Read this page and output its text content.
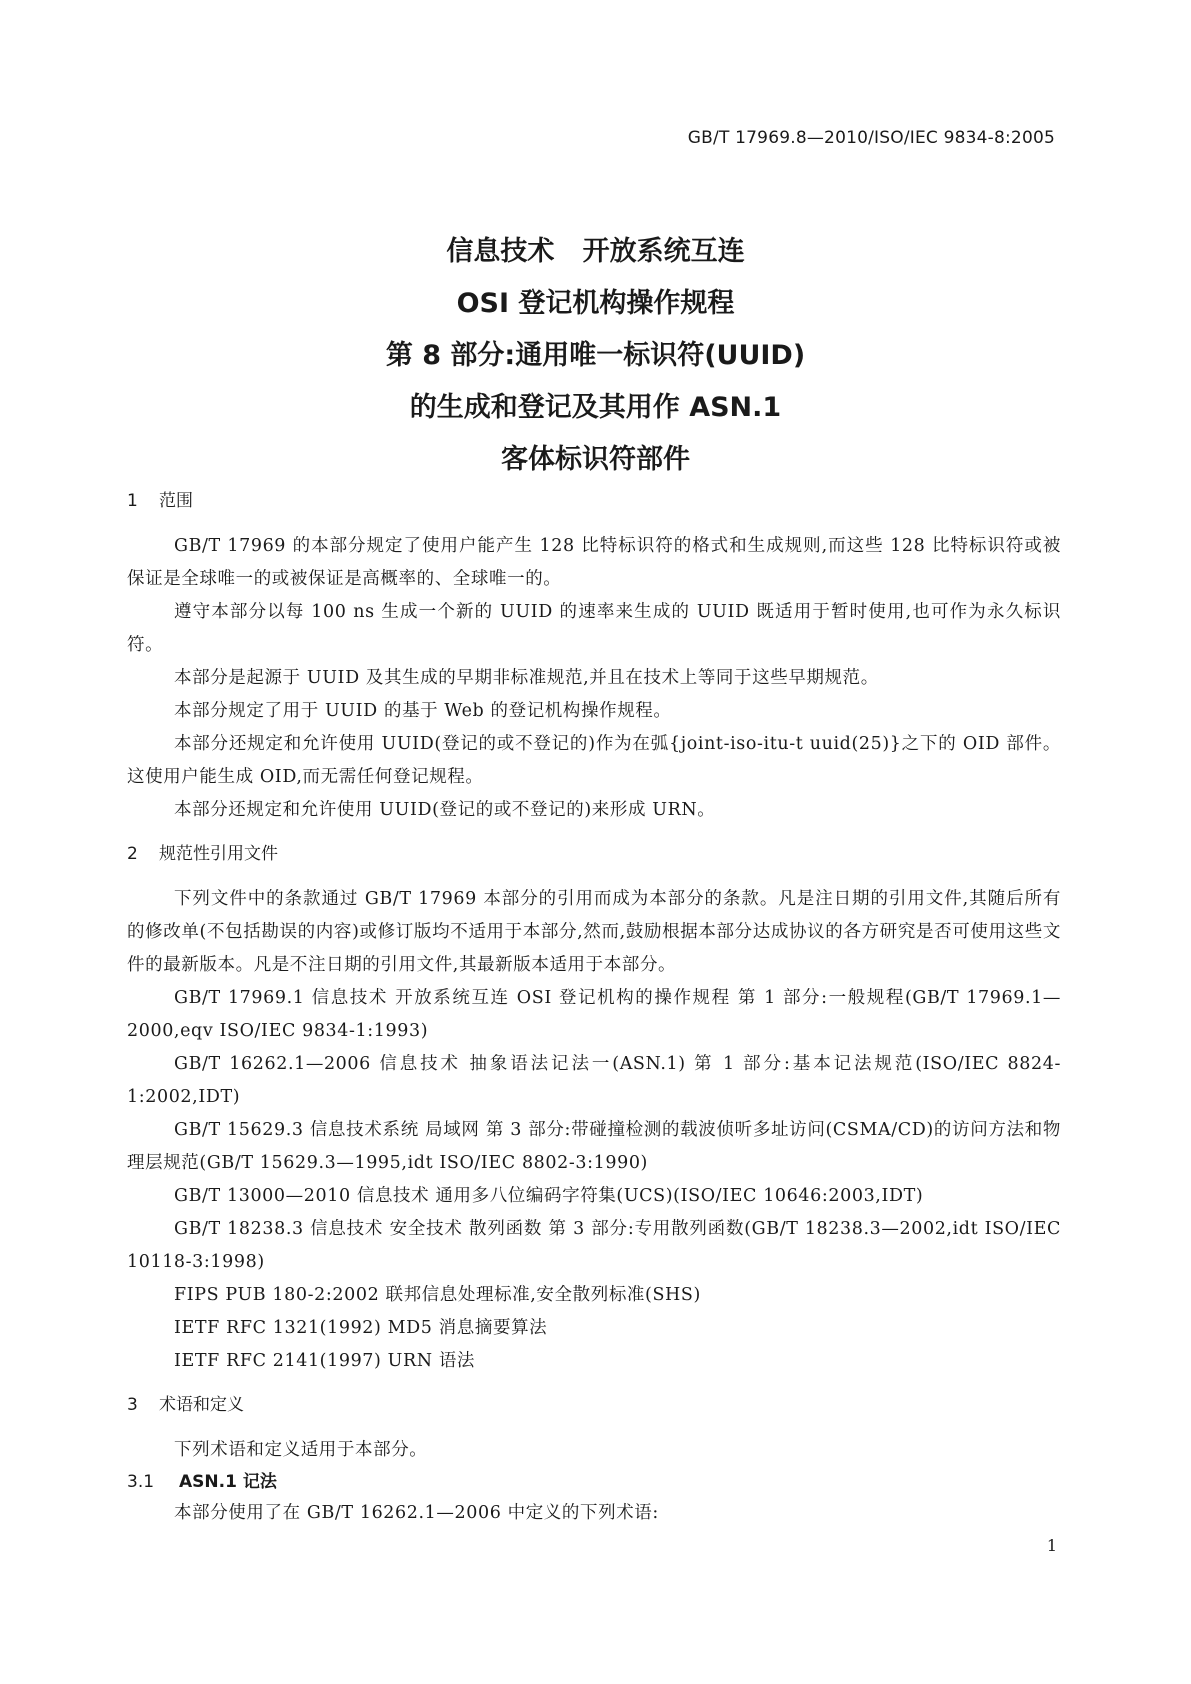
GB/T 17969.8—2010/ISO/IEC 9834-8:2005
信息技术   开放系统互连
OSI 登记机构操作规程
第 8 部分:通用唯一标识符(UUID)
的生成和登记及其用作 ASN.1
客体标识符部件
1 范围

GB/T 17969 的本部分规定了使用户能产生 128 比特标识符的格式和生成规则,而这些 128 比特标识符或被保证是全球唯一的或被保证是高概率的、全球唯一的。

遵守本部分以每 100 ns 生成一个新的 UUID 的速率来生成的 UUID 既适用于暂时使用,也可作为永久标识符。

本部分是起源于 UUID 及其生成的早期非标准规范,并且在技术上等同于这些早期规范。

本部分规定了用于 UUID 的基于 Web 的登记机构操作规程。

本部分还规定和允许使用 UUID(登记的或不登记的)作为在弧{joint-iso-itu-t uuid(25)}之下的 OID 部件。这使用户能生成 OID,而无需任何登记规程。

本部分还规定和允许使用 UUID(登记的或不登记的)来形成 URN。

2 规范性引用文件

下列文件中的条款通过 GB/T 17969 本部分的引用而成为本部分的条款。凡是注日期的引用文件,其随后所有的修改单(不包括勘误的内容)或修订版均不适用于本部分,然而,鼓励根据本部分达成协议的各方研究是否可使用这些文件的最新版本。凡是不注日期的引用文件,其最新版本适用于本部分。

GB/T 17969.1 信息技术 开放系统互连 OSI 登记机构的操作规程 第 1 部分:一般规程(GB/T 17969.1—2000,eqv ISO/IEC 9834-1:1993)

GB/T 16262.1—2006 信息技术 抽象语法记法一(ASN.1) 第 1 部分:基本记法规范(ISO/IEC 8824-1:2002,IDT)

GB/T 15629.3 信息技术系统 局域网 第 3 部分:带碰撞检测的载波侦听多址访问(CSMA/CD)的访问方法和物理层规范(GB/T 15629.3—1995,idt ISO/IEC 8802-3:1990)

GB/T 13000—2010 信息技术 通用多八位编码字符集(UCS)(ISO/IEC 10646:2003,IDT)

GB/T 18238.3 信息技术 安全技术 散列函数 第 3 部分:专用散列函数(GB/T 18238.3—2002,idt ISO/IEC 10118-3:1998)

FIPS PUB 180-2:2002 联邦信息处理标准,安全散列标准(SHS)

IETF RFC 1321(1992) MD5 消息摘要算法

IETF RFC 2141(1997) URN 语法

3 术语和定义

下列术语和定义适用于本部分。

3.1 ASN.1 记法

本部分使用了在 GB/T 16262.1—2006 中定义的下列术语:

1
